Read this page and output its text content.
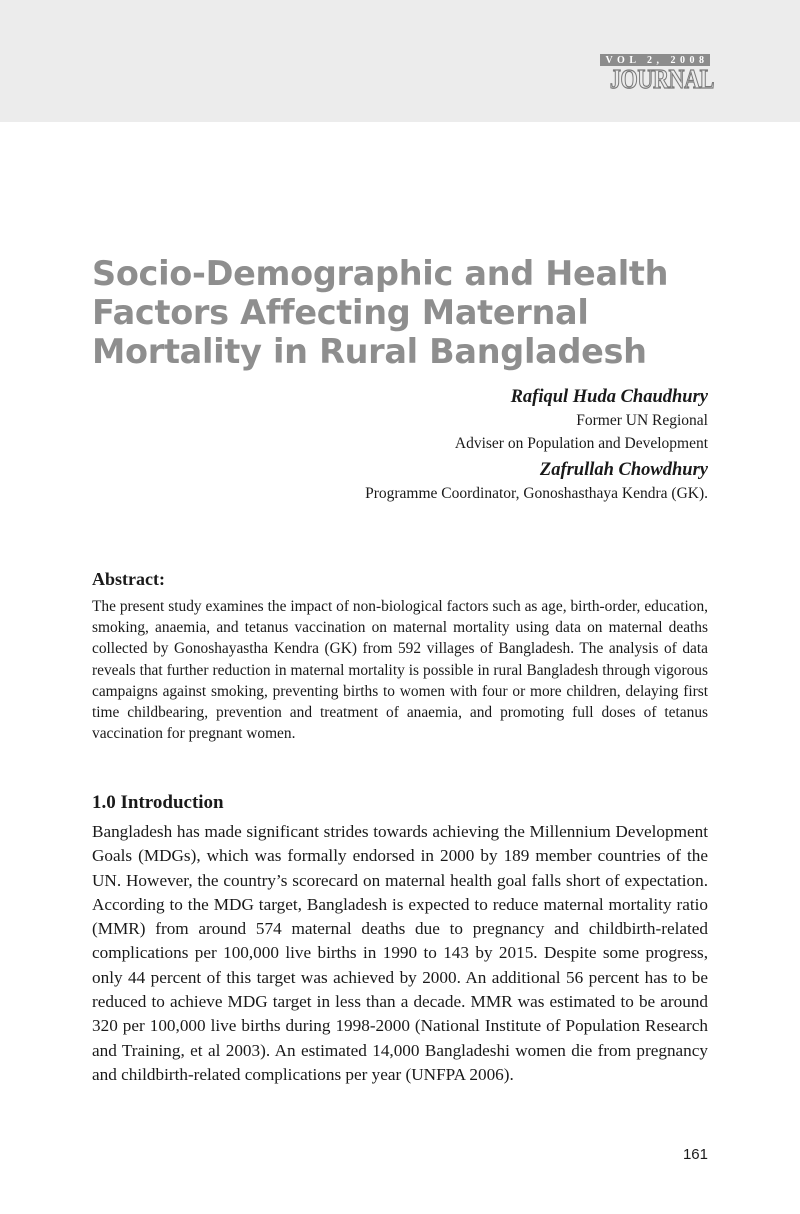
VOL 2, 2008
JOURNAL
Socio-Demographic and Health Factors Affecting Maternal Mortality in Rural Bangladesh
Rafiqul Huda Chaudhury
Former UN Regional
Adviser on Population and Development
Zafrullah Chowdhury
Programme Coordinator, Gonoshasthaya Kendra (GK).
Abstract:

The present study examines the impact of non-biological factors such as age, birth-order, education, smoking, anaemia, and tetanus vaccination on maternal mortality using data on maternal deaths collected by Gonoshayastha Kendra (GK) from 592 villages of Bangladesh. The analysis of data reveals that further reduction in maternal mortality is possible in rural Bangladesh through vigorous campaigns against smoking, preventing births to women with four or more children, delaying first time childbearing, prevention and treatment of anaemia, and promoting full doses of tetanus vaccination for pregnant women.

1.0 Introduction

Bangladesh has made significant strides towards achieving the Millennium Development Goals (MDGs), which was formally endorsed in 2000 by 189 member countries of the UN. However, the country’s scorecard on maternal health goal falls short of expectation. According to the MDG target, Bangladesh is expected to reduce maternal mortality ratio (MMR) from around 574 maternal deaths due to pregnancy and childbirth-related complications per 100,000 live births in 1990 to 143 by 2015. Despite some progress, only 44 percent of this target was achieved by 2000. An additional 56 percent has to be reduced to achieve MDG target in less than a decade. MMR was estimated to be around 320 per 100,000 live births during 1998-2000 (National Institute of Population Research and Training, et al 2003). An estimated 14,000 Bangladeshi women die from pregnancy and childbirth-related complications per year (UNFPA 2006).

161
